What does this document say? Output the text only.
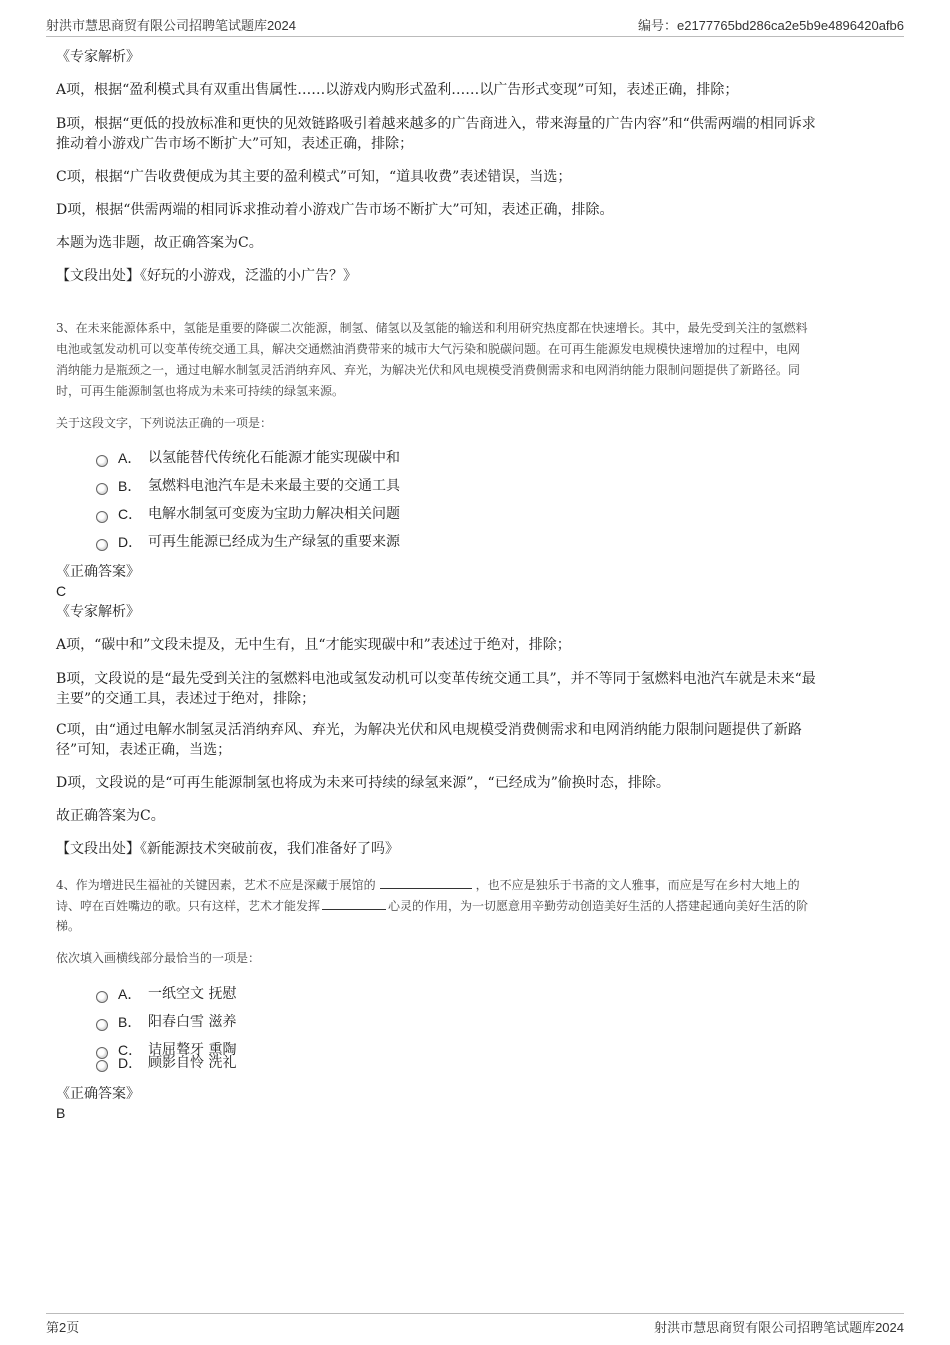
射洪市慧思商贸有限公司招聘笔试题库2024	编号：e2177765bd286ca2e5b9e4896420afb6
《专家解析》
A项，根据“盈利模式具有双重出售属性……以游戏内购形式盈利……以广告形式变现”可知，表述正确，排除；
B项，根据“更低的投放标准和更快的见效链路吸引着越来越多的广告商进入，带来海量的广告内容”和“供需两端的相同诉求
推动着小游戏广告市场不断扩大”可知，表述正确，排除；
C项，根据“广告收费便成为其主要的盈利模式”可知，“道具收费”表述错误，当选；
D项，根据“供需两端的相同诉求推动着小游戏广告市场不断扩大”可知，表述正确，排除。
本题为选非题，故正确答案为C。
【文段出处】《好玩的小游戏，泛滥的小广告？》
3、在未来能源体系中，氢能是重要的降碳二次能源，制氢、储氢以及氢能的输送和利用研究热度都在快速增长。其中，最先受到关注的氢燃料
电池或氢发动机可以变革传统交通工具，解决交通燃油消费带来的城市大气污染和脱碳问题。在可再生能源发电规模快速增加的过程中，电网
消纳能力是瓶颈之一，通过电解水制氢灵活消纳弃风、弃光，为解决光伏和风电规模受消费侧需求和电网消纳能力限制问题提供了新路径。同
时，可再生能源制氢也将成为未来可持续的绿氢来源。
关于这段文字，下列说法正确的一项是：
A． 以氢能替代传统化石能源才能实现碳中和
B． 氢燃料电池汽车是未来最主要的交通工具
C． 电解水制氢可变废为宝助力解决相关问题
D． 可再生能源已经成为生产绿氢的重要来源
《正确答案》
C
《专家解析》
A项，“碳中和”文段未提及，无中生有，且“才能实现碳中和”表述过于绝对，排除；
B项，文段说的是“最先受到关注的氢燃料电池或氢发动机可以变革传统交通工具”，并不等同于氢燃料电池汽车就是未来“最
主要”的交通工具，表述过于绝对，排除；
C项，由“通过电解水制氢灵活消纳弃风、弃光，为解决光伏和风电规模受消费侧需求和电网消纳能力限制问题提供了新路
径”可知，表述正确，当选；
D项，文段说的是“可再生能源制氢也将成为未来可持续的绿氢来源”，“已经成为”偷换时态，排除。
故正确答案为C。
【文段出处】《新能源技术突破前夜，我们准备好了吗》
4、作为增进民生福祉的关键因素，艺术不应是深藏于展馆的	，也不应是独乐于书斋的文人雅事，而应是写在乡村大地上的
诗、哼在百姓嘴边的歌。只有这样，艺术才能发挥	心灵的作用，为一切愿意用辛勤劳动创造美好生活的人搭建起通向美好生活的阶
梯。
依次填入画横线部分最恰当的一项是：
A． 一纸空文 抚慰
B． 阳春白雪 滋养
C． 诘屈聱牙 熏陶
D． 顾影自怜 洗礼
《正确答案》
B
第2页	射洪市慧思商贸有限公司招聘笔试题库2024
